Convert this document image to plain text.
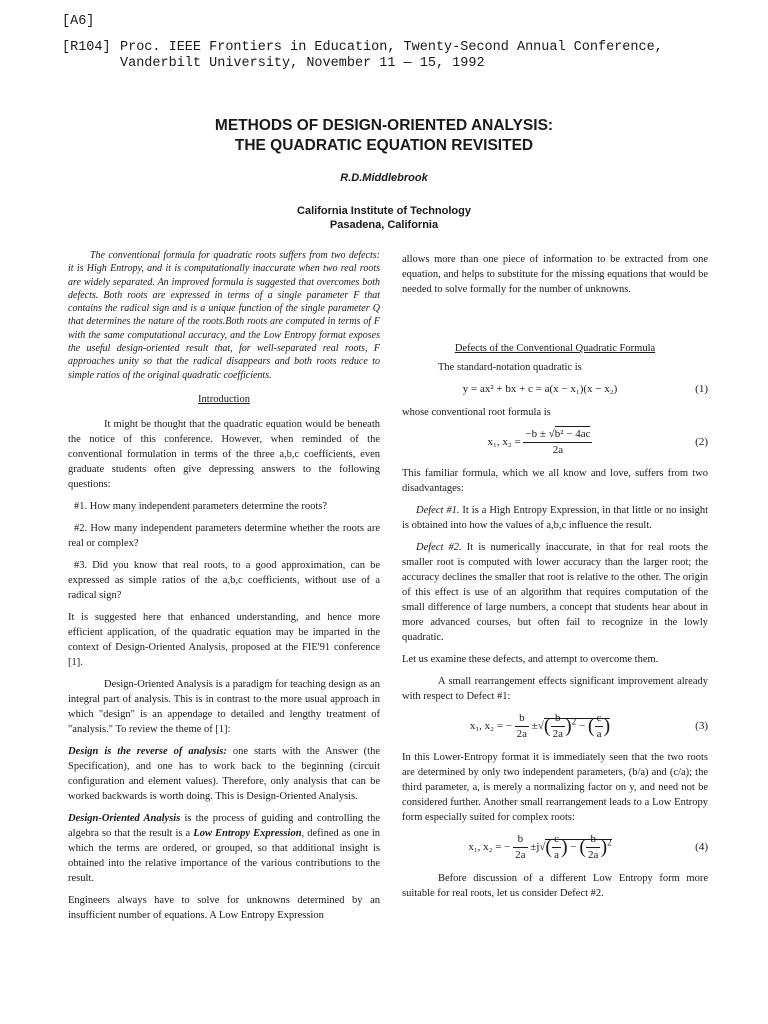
[A6]
[R104] Proc. IEEE Frontiers in Education, Twenty-Second Annual Conference,
Vanderbilt University, November 11 — 15, 1992
METHODS OF DESIGN-ORIENTED ANALYSIS:
THE QUADRATIC EQUATION REVISITED
R.D.Middlebrook
California Institute of Technology
Pasadena, California

The conventional formula for quadratic roots suffers from two defects: it is High Entropy, and it is computationally inaccurate when two real roots are widely separated. An improved formula is suggested that overcomes both defects. Both roots are expressed in terms of a single parameter F that contains the radical sign and is a unique function of the single parameter Q that determines the nature of the roots.Both roots are computed in terms of F with the same computational accuracy, and the Low Entropy format exposes the useful design-oriented result that, for well-separated real roots, F approaches unity so that the radical disappears and both roots reduce to simple ratios of the original quadratic coefficients.

Introduction

It might be thought that the quadratic equation would be beneath the notice of this conference. However, when reminded of the conventional formulation in terms of the three a,b,c coefficients, even graduate students often give depressing answers to the following questions:

#1. How many independent parameters determine the roots?

#2. How many independent parameters determine whether the roots are real or complex?

#3. Did you know that real roots, to a good approximation, can be expressed as simple ratios of the a,b,c coefficients, without use of a radical sign?

It is suggested here that enhanced understanding, and hence more efficient application, of the quadratic equation may be imparted in the context of Design-Oriented Analysis, proposed at the FIE'91 conference [1].

Design-Oriented Analysis is a paradigm for teaching design as an integral part of analysis. This is in contrast to the more usual approach in which "design" is an appendage to detailed and lengthy treatment of "analysis." To review the theme of [1]:

Design is the reverse of analysis: one starts with the Answer (the Specification), and one has to work back to the beginning (circuit configuration and element values). Therefore, only analysis that can be worked backwards is worth doing. This is Design-Oriented Analysis.

Design-Oriented Analysis is the process of guiding and controlling the algebra so that the result is a Low Entropy Expression, defined as one in which the terms are ordered, or grouped, so that additional insight is obtained into the relative importance of the various contributions to the result.

Engineers always have to solve for unknowns determined by an insufficient number of equations. A Low Entropy Expression

allows more than one piece of information to be extracted from one equation, and helps to substitute for the missing equations that would be needed to solve formally for the number of unknowns.

Defects of the Conventional Quadratic Formula

The standard-notation quadratic is

y = ax² + bx + c = a(x − x₁)(x − x₂)	(1)

whose conventional root formula is

x₁, $x_2 = \frac{\text{−b ± √b² − 4ac}}{2a}$	(2)

This familiar formula, which we all know and love, suffers from two disadvantages:

Defect #1. It is a High Entropy Expression, in that little or no insight is obtained into how the values of a,b,c influence the result.

Defect #2. It is numerically inaccurate, in that for real roots the smaller root is computed with lower accuracy than the larger root; the accuracy declines the smaller that root is relative to the other. The origin of this effect is use of an algorithm that requires computation of the small difference of large numbers, a concept that students hear about in more advanced courses, but often fail to recognize in the lowly quadratic.

Let us examine these defects, and attempt to overcome them.

A small rearrangement effects significant improvement already with respect to Defect #1:

x₁, x₂ = − $\frac{b}{2a}$ ±√( $\frac{b}{2a} )^2$ − ( $\frac{c}{a}$ )	(3)

In this Lower-Entropy format it is immediately seen that the two roots are determined by only two independent parameters, (b/a) and (c/a); the third parameter, a, is merely a normalizing factor on y, and need not be considered further. Another small rearrangement leads to a Low Entropy form especially suited for complex roots:

x₁, x₂ = − $\frac{b}{2a} \pm j√( \frac{c}{a}$ ) − ( $\frac{b}{2a} )^2$	(4)

Before discussion of a different Low Entropy form more suitable for real roots, let us consider Defect #2.
